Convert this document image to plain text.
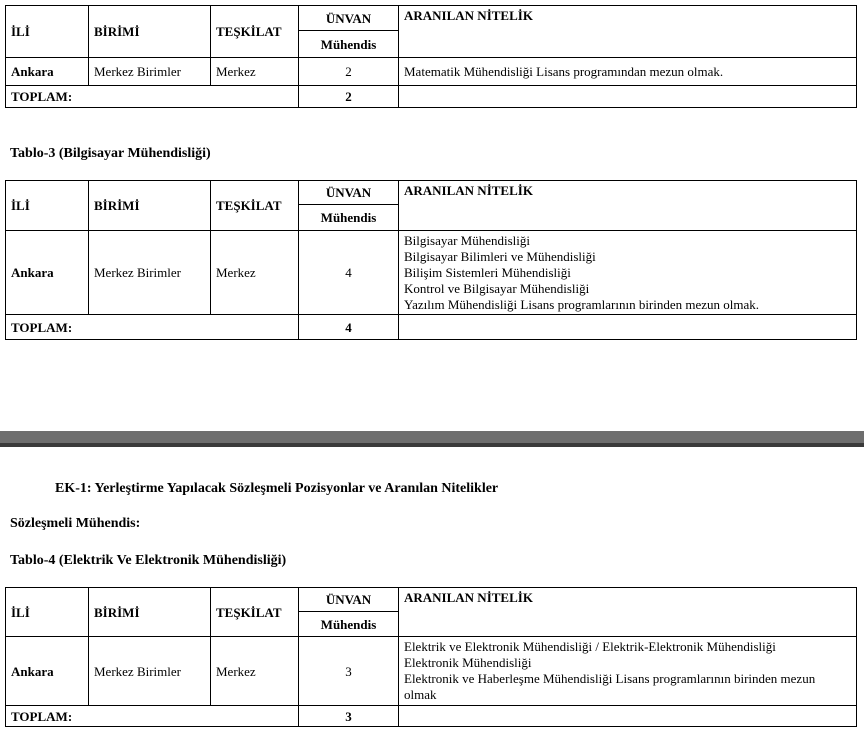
İLİ	BİRİMİ	TEŞKİLAT	ÜNVAN	ARANILAN NİTELİK
			Mühendis	
Ankara	Merkez Birimler	Merkez	2	Matematik Mühendisliği Lisans programından mezun olmak.

TOPLAM:			2	
Tablo-3 (Bilgisayar Mühendisliği)
İLİ	BİRİMİ	TEŞKİLAT	ÜNVAN	ARANILAN NİTELİK
			Mühendis	
Ankara	Merkez Birimler	Merkez	4	Bilgisayar Mühendisliği
Bilgisayar Bilimleri ve Mühendisliği
Bilişim Sistemleri Mühendisliği
Kontrol ve Bilgisayar Mühendisliği
Yazılım Mühendisliği Lisans programlarının birinden mezun olmak.

TOPLAM:			4	
EK-1: Yerleştirme Yapılacak Sözleşmeli Pozisyonlar ve Aranılan Nitelikler
Sözleşmeli Mühendis:
Tablo-4 (Elektrik Ve Elektronik Mühendisliği)
İLİ	BİRİMİ	TEŞKİLAT	ÜNVAN	ARANILAN NİTELİK
			Mühendis	
Ankara	Merkez Birimler	Merkez	3	Elektrik ve Elektronik Mühendisliği / Elektrik-Elektronik Mühendisliği
Elektronik Mühendisliği
Elektronik ve Haberleşme Mühendisliği Lisans programlarının birinden mezun
olmak

TOPLAM:			3	
